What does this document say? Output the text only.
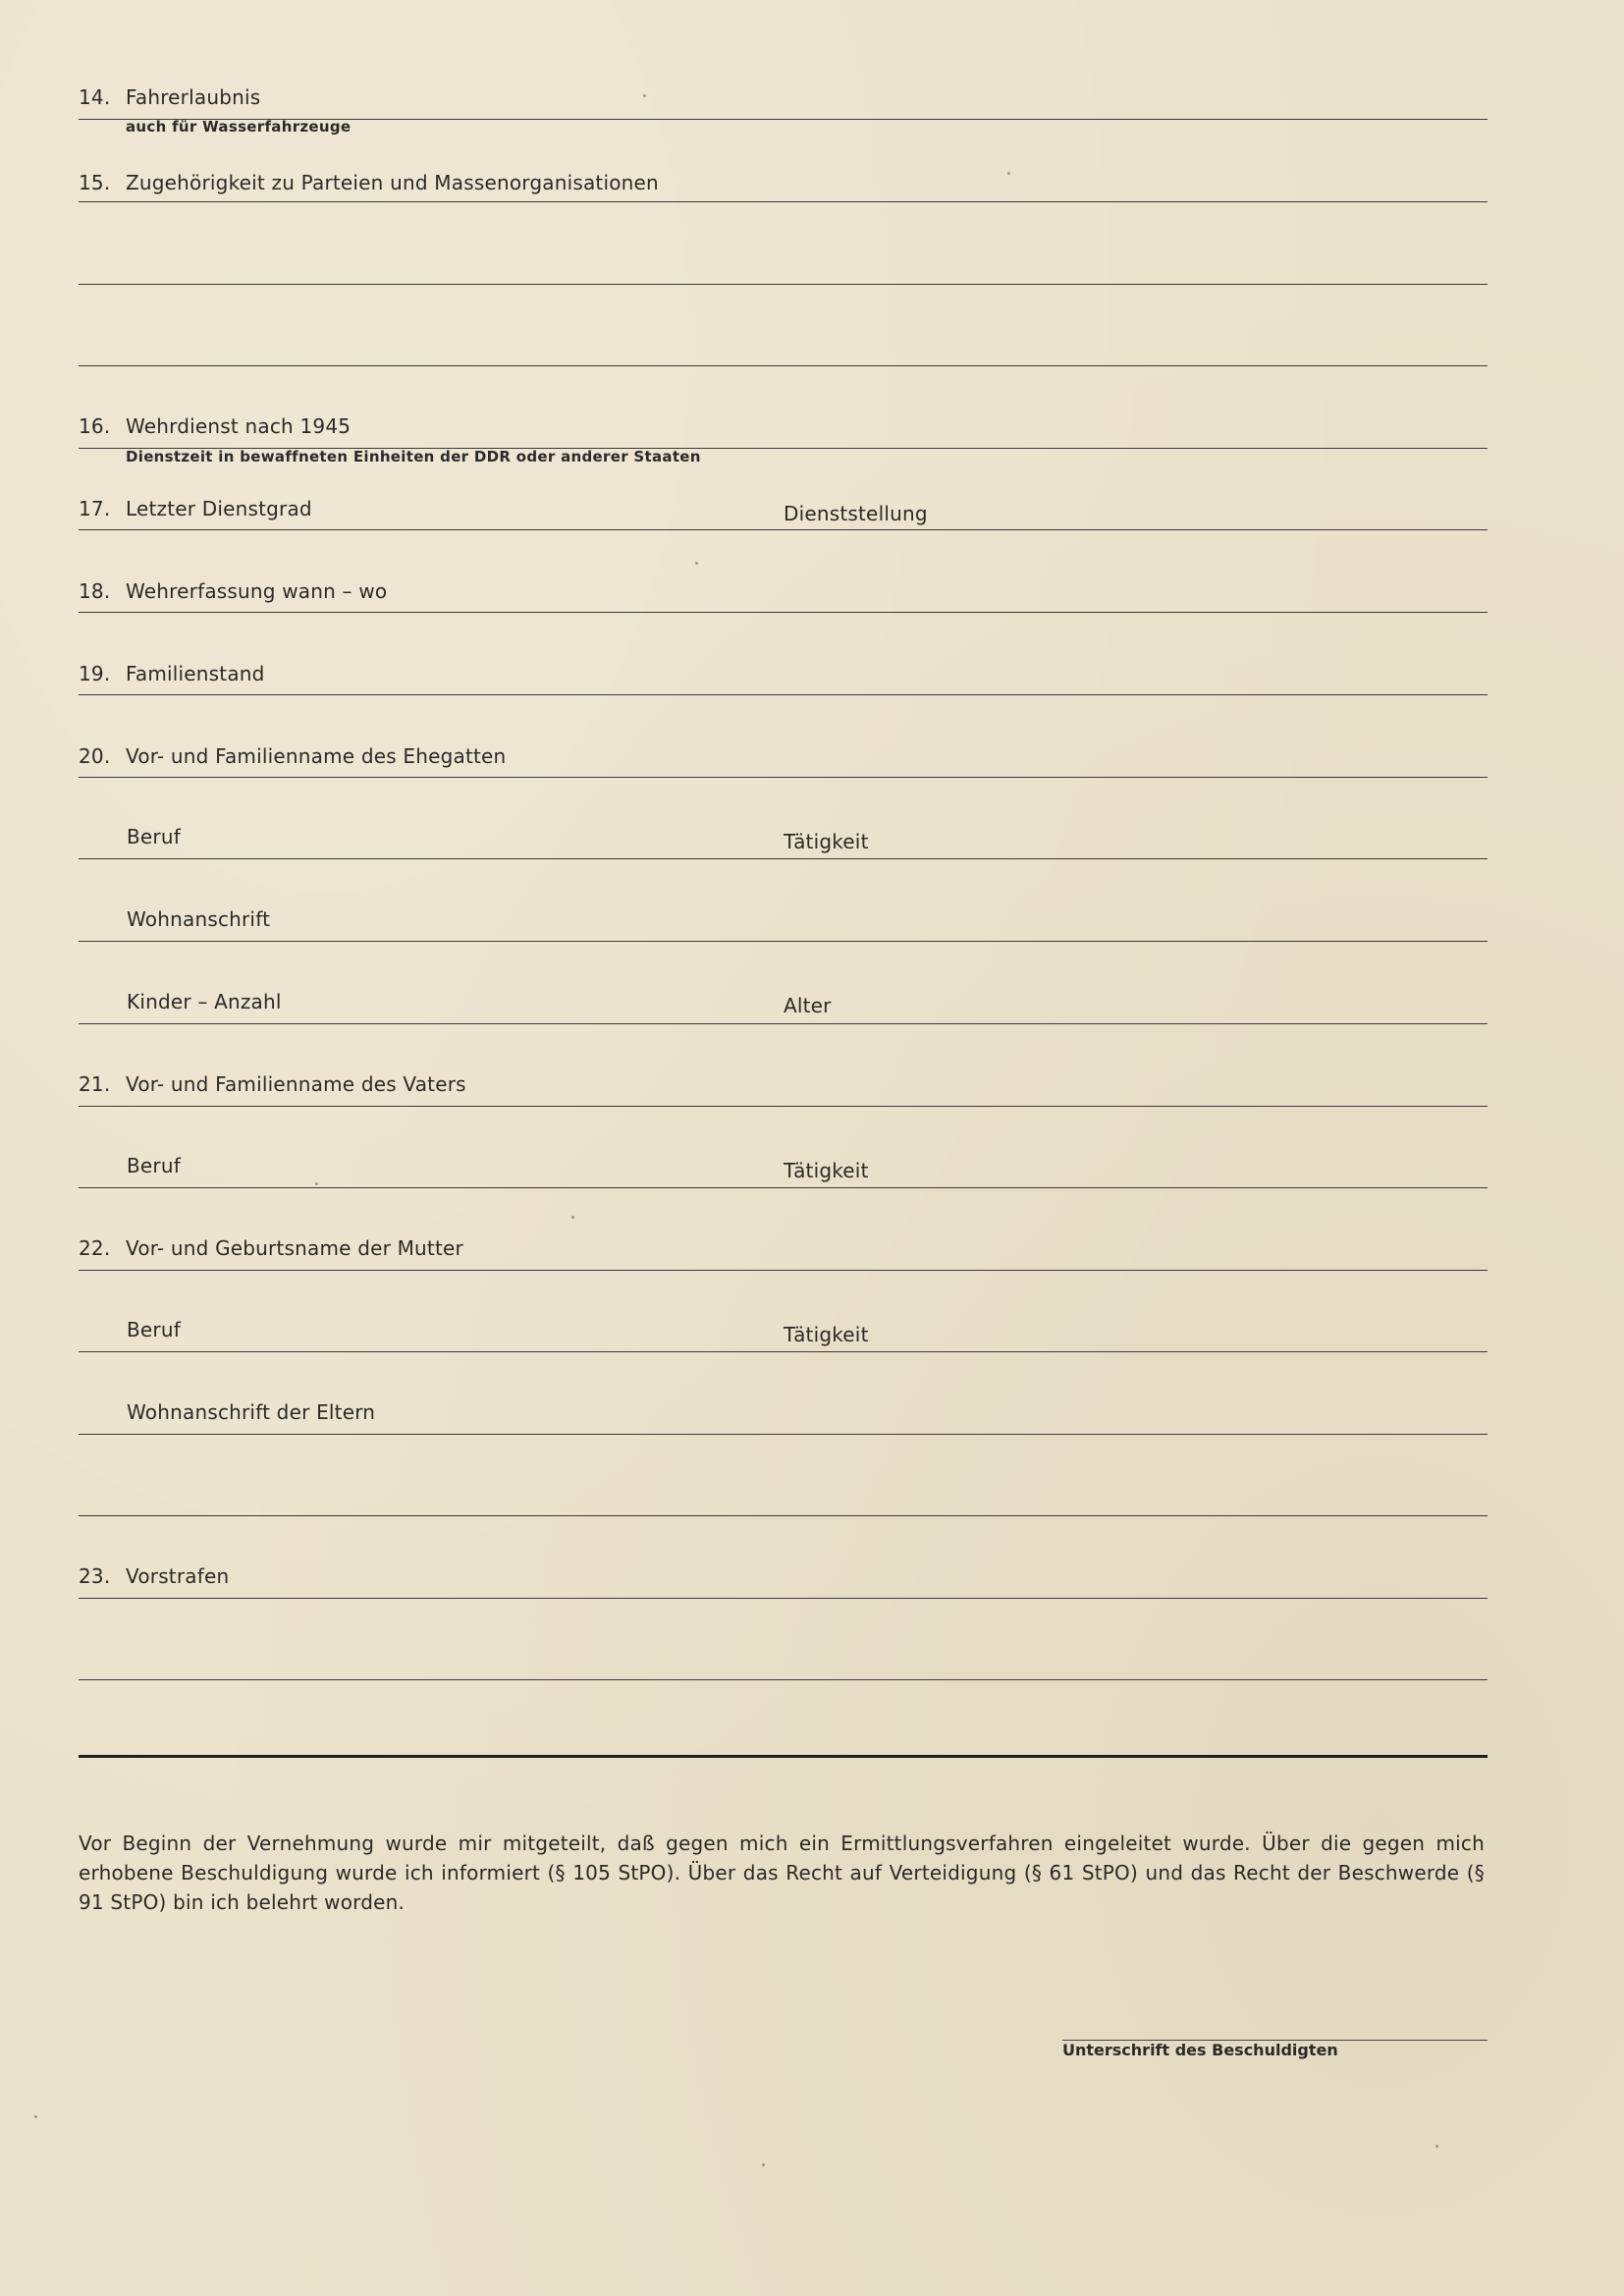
14. Fahrerlaubnis
auch für Wasserfahrzeuge
15. Zugehörigkeit zu Parteien und Massenorganisationen
16. Wehrdienst nach 1945
Dienstzeit in bewaffneten Einheiten der DDR oder anderer Staaten
17. Letzter Dienstgrad	Dienststellung
18. Wehrerfassung wann – wo
19. Familienstand
20. Vor- und Familienname des Ehegatten
Beruf	Tätigkeit
Wohnanschrift
Kinder – Anzahl	Alter
21. Vor- und Familienname des Vaters
Beruf	Tätigkeit
22. Vor- und Geburtsname der Mutter
Beruf	Tätigkeit
Wohnanschrift der Eltern
23. Vorstrafen
Vor Beginn der Vernehmung wurde mir mitgeteilt, daß gegen mich ein Ermittlungsverfahren eingeleitet wurde. Über die gegen mich erhobene Beschuldigung wurde ich informiert (§ 105 StPO). Über das Recht auf Verteidigung (§ 61 StPO) und das Recht der Beschwerde (§ 91 StPO) bin ich belehrt worden.
Unterschrift des Beschuldigten
